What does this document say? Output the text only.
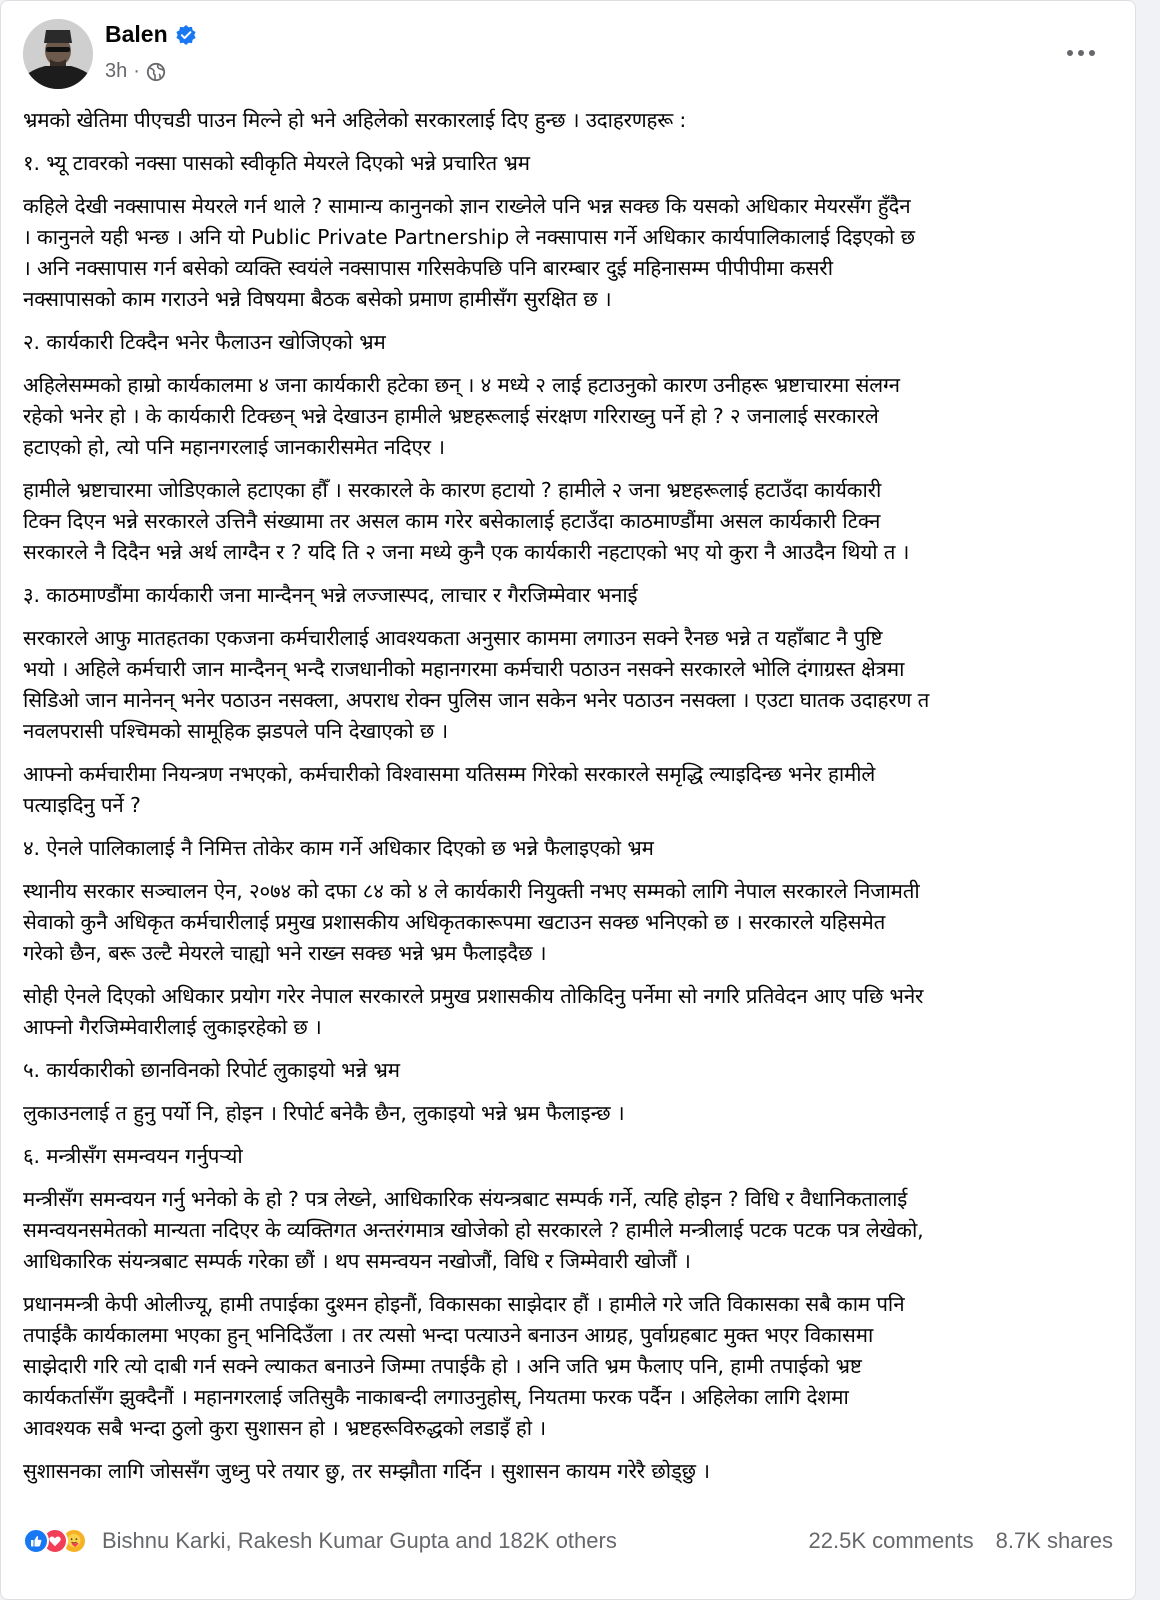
Balen
3h ·

भ्रमको खेतिमा पीएचडी पाउन मिल्ने हो भने अहिलेको सरकारलाई दिए हुन्छ । उदाहरणहरू :

१. भ्यू टावरको नक्सा पासको स्वीकृति मेयरले दिएको भन्ने प्रचारित भ्रम

कहिले देखी नक्सापास मेयरले गर्न थाले ? सामान्य कानुनको ज्ञान राख्नेले पनि भन्न सक्छ कि यसको अधिकार मेयरसँग हुँदैन
। कानुनले यही भन्छ । अनि यो Public Private Partnership ले नक्सापास गर्ने अधिकार कार्यपालिकालाई दिइएको छ
। अनि नक्सापास गर्न बसेको व्यक्ति स्वयंले नक्सापास गरिसकेपछि पनि बारम्बार दुई महिनासम्म पीपीपीमा कसरी
नक्सापासको काम गराउने भन्ने विषयमा बैठक बसेको प्रमाण हामीसँग सुरक्षित छ ।

२. कार्यकारी टिक्दैन भनेर फैलाउन खोजिएको भ्रम

अहिलेसम्मको हाम्रो कार्यकालमा ४ जना कार्यकारी हटेका छन् । ४ मध्ये २ लाई हटाउनुको कारण उनीहरू भ्रष्टाचारमा संलग्न
रहेको भनेर हो । के कार्यकारी टिक्छन् भन्ने देखाउन हामीले भ्रष्टहरूलाई संरक्षण गरिराख्नु पर्ने हो ? २ जनालाई सरकारले
हटाएको हो, त्यो पनि महानगरलाई जानकारीसमेत नदिएर ।

हामीले भ्रष्टाचारमा जोडिएकाले हटाएका हौँ । सरकारले के कारण हटायो ? हामीले २ जना भ्रष्टहरूलाई हटाउँदा कार्यकारी
टिक्न दिएन भन्ने सरकारले उत्तिनै संख्यामा तर असल काम गरेर बसेकालाई हटाउँदा काठमाण्डौंमा असल कार्यकारी टिक्न
सरकारले नै दिदैन भन्ने अर्थ लाग्दैन र ? यदि ति २ जना मध्ये कुनै एक कार्यकारी नहटाएको भए यो कुरा नै आउदैन थियो त ।

३. काठमाण्डौंमा कार्यकारी जना मान्दैनन् भन्ने लज्जास्पद, लाचार र गैरजिम्मेवार भनाई

सरकारले आफु मातहतका एकजना कर्मचारीलाई आवश्यकता अनुसार काममा लगाउन सक्ने रैनछ भन्ने त यहाँबाट नै पुष्टि
भयो । अहिले कर्मचारी जान मान्दैनन् भन्दै राजधानीको महानगरमा कर्मचारी पठाउन नसक्ने सरकारले भोलि दंगाग्रस्त क्षेत्रमा
सिडिओ जान मानेनन् भनेर पठाउन नसक्ला, अपराध रोक्न पुलिस जान सकेन भनेर पठाउन नसक्ला । एउटा घातक उदाहरण त
नवलपरासी पश्चिमको सामूहिक झडपले पनि देखाएको छ ।

आफ्नो कर्मचारीमा नियन्त्रण नभएको, कर्मचारीको विश्वासमा यतिसम्म गिरेको सरकारले समृद्धि ल्याइदिन्छ भनेर हामीले
पत्याइदिनु पर्ने ?

४. ऐनले पालिकालाई नै निमित्त तोकेर काम गर्ने अधिकार दिएको छ भन्ने फैलाइएको भ्रम

स्थानीय सरकार सञ्चालन ऐन, २०७४ को दफा ८४ को ४ ले कार्यकारी नियुक्ती नभए सम्मको लागि नेपाल सरकारले निजामती
सेवाको कुनै अधिकृत कर्मचारीलाई प्रमुख प्रशासकीय अधिकृतकारूपमा खटाउन सक्छ भनिएको छ । सरकारले यहिसमेत
गरेको छैन, बरू उल्टै मेयरले चाह्यो भने राख्न सक्छ भन्ने भ्रम फैलाइदैछ ।

सोही ऐनले दिएको अधिकार प्रयोग गरेर नेपाल सरकारले प्रमुख प्रशासकीय तोकिदिनु पर्नेमा सो नगरि प्रतिवेदन आए पछि भनेर
आफ्नो गैरजिम्मेवारीलाई लुकाइरहेको छ ।

५. कार्यकारीको छानविनको रिपोर्ट लुकाइयो भन्ने भ्रम

लुकाउनलाई त हुनु पर्यो नि, होइन । रिपोर्ट बनेकै छैन, लुकाइयो भन्ने भ्रम फैलाइन्छ ।

६. मन्त्रीसँग समन्वयन गर्नुपर्‍यो

मन्त्रीसँग समन्वयन गर्नु भनेको के हो ? पत्र लेख्ने, आधिकारिक संयन्त्रबाट सम्पर्क गर्ने, त्यहि होइन ? विधि र वैधानिकतालाई
समन्वयनसमेतको मान्यता नदिएर के व्यक्तिगत अन्तरंगमात्र खोजेको हो सरकारले ? हामीले मन्त्रीलाई पटक पटक पत्र लेखेको,
आधिकारिक संयन्त्रबाट सम्पर्क गरेका छौं । थप समन्वयन नखोजौं, विधि र जिम्मेवारी खोजौं ।

प्रधानमन्त्री केपी ओलीज्यू, हामी तपाईका दुश्मन होइनौं, विकासका साझेदार हौं । हामीले गरे जति विकासका सबै काम पनि
तपाईकै कार्यकालमा भएका हुन् भनिदिउँला । तर त्यसो भन्दा पत्याउने बनाउन आग्रह, पुर्वाग्रहबाट मुक्त भएर विकासमा
साझेदारी गरि त्यो दाबी गर्न सक्ने ल्याकत बनाउने जिम्मा तपाईकै हो । अनि जति भ्रम फैलाए पनि, हामी तपाईको भ्रष्ट
कार्यकर्तासँग झुक्दैनौं । महानगरलाई जतिसुकै नाकाबन्दी लगाउनुहोस्, नियतमा फरक पर्दैन । अहिलेका लागि देशमा
आवश्यक सबै भन्दा ठुलो कुरा सुशासन हो । भ्रष्टहरूविरुद्धको लडाइँ हो ।

सुशासनका लागि जोससँग जुध्नु परे तयार छु, तर सम्झौता गर्दिन । सुशासन कायम गरेरै छोड्छु ।

Bishnu Karki, Rakesh Kumar Gupta and 182K others	22.5K comments 8.7K shares
